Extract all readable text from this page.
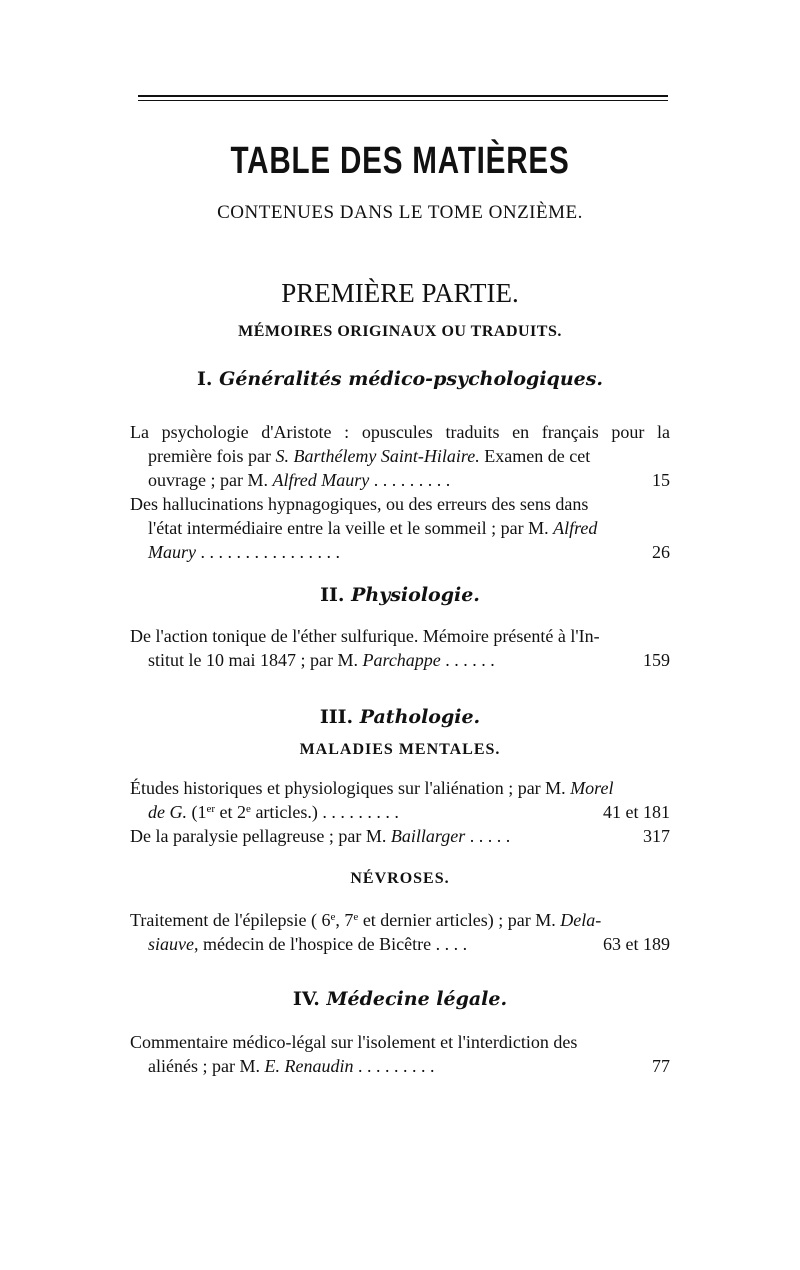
TABLE DES MATIÈRES
CONTENUES DANS LE TOME ONZIÈME.
PREMIÈRE PARTIE.
MÉMOIRES ORIGINAUX OU TRADUITS.
I. Généralités médico-psychologiques.
La psychologie d'Aristote : opuscules traduits en français pour la
première fois par S. Barthélemy Saint-Hilaire. Examen de cet
ouvrage ; par M. Alfred Maury . . . . . . . . .	15
Des hallucinations hypnagogiques, ou des erreurs des sens dans
l'état intermédiaire entre la veille et le sommeil ; par M. Alfred
Maury . . . . . . . . . . . . . . . .	26
II. Physiologie.
De l'action tonique de l'éther sulfurique. Mémoire présenté à l'In-
stitut le 10 mai 1847 ; par M. Parchappe . . . . . .	159
III. Pathologie.
MALADIES MENTALES.
Études historiques et physiologiques sur l'aliénation ; par M. Morel
de G. (1er et 2e articles.) . . . . . . . . .	41 et 181
De la paralysie pellagreuse ; par M. Baillarger . . . . .	317
NÉVROSES.
Traitement de l'épilepsie ( 6e, 7e et dernier articles) ; par M. Dela-
siauve, médecin de l'hospice de Bicêtre . . . .	63 et 189
IV. Médecine légale.
Commentaire médico-légal sur l'isolement et l'interdiction des
aliénés ; par M. E. Renaudin . . . . . . . . .	77
